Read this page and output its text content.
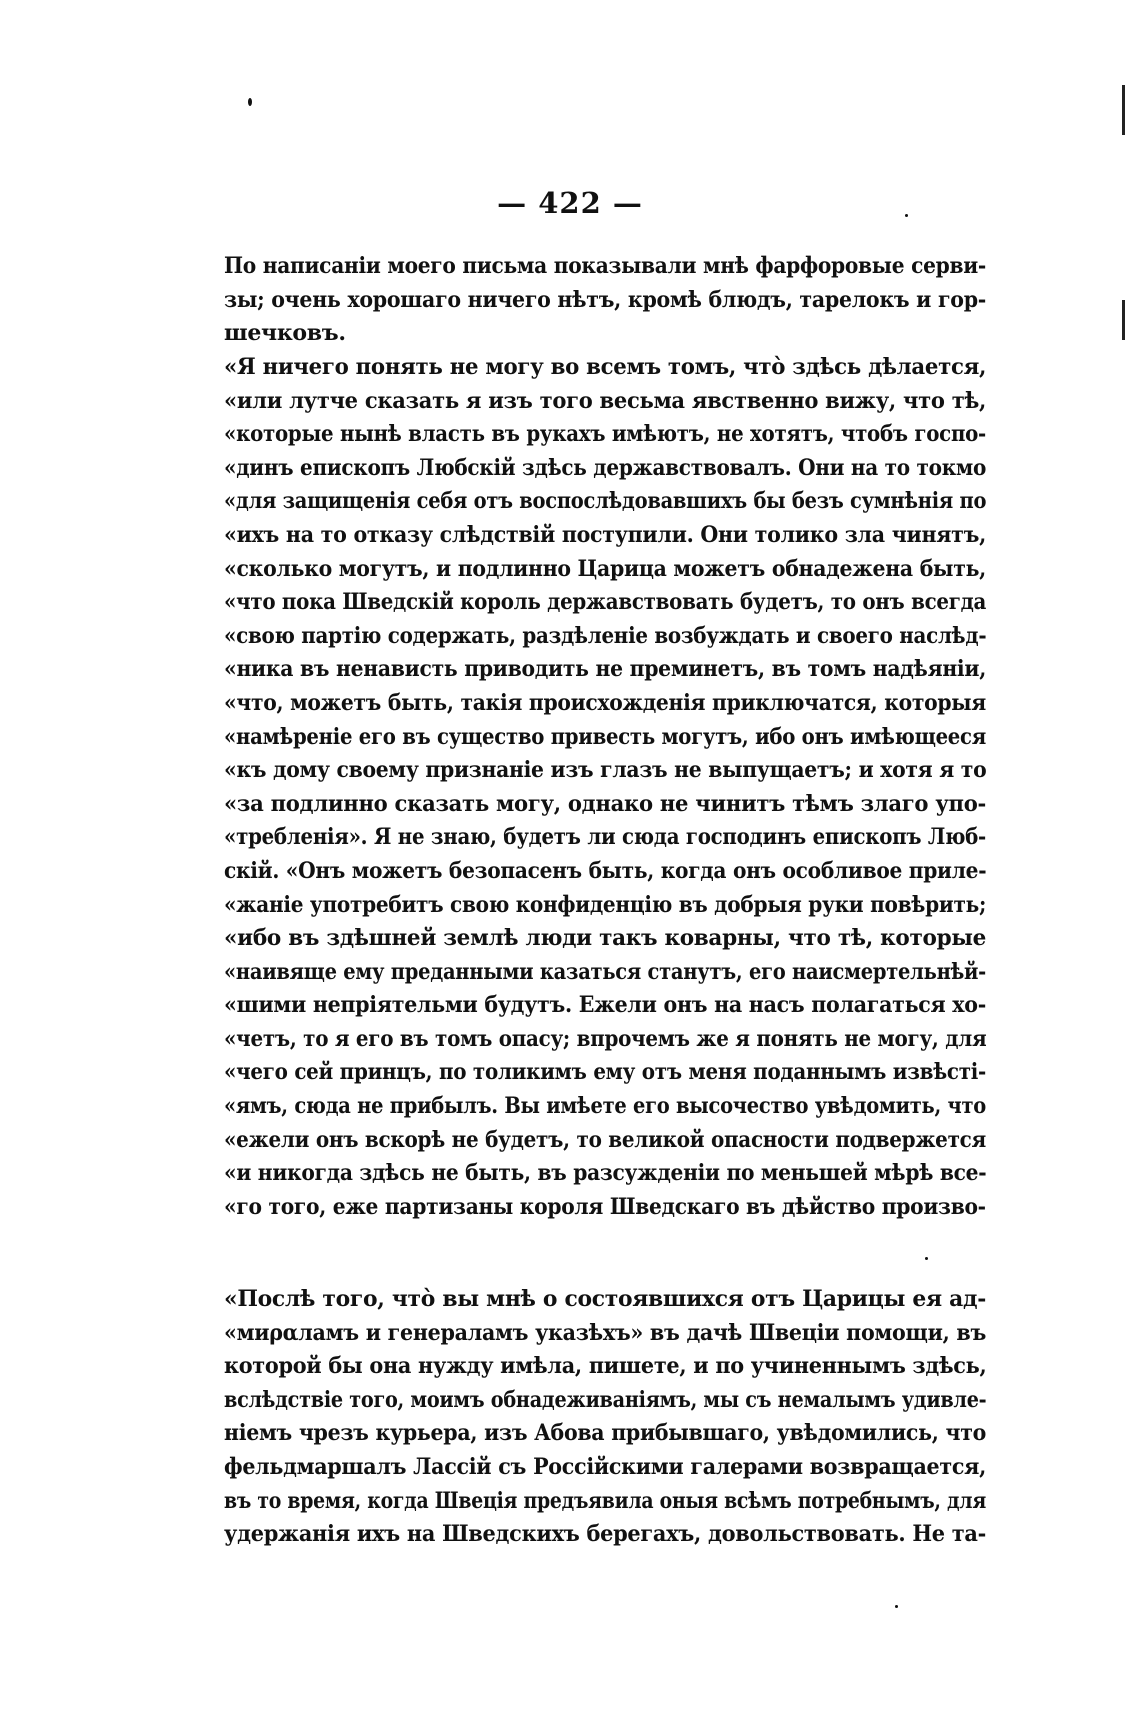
— 422 —
По написаніи моего письма показывали мнѣ фарфоровые серви- зы; очень хорошаго ничего нѣтъ, кромѣ блюдъ, тарелокъ и гор-
шечковъ.
«Я ничего понять не могу во всемъ томъ, что̀ здѣсь дѣлается, «или лутче сказать я изъ того весьма явственно вижу, что тѣ, «которые нынѣ власть въ рукахъ имѣютъ, не хотятъ, чтобъ госпо- «динъ епископъ Любскій здѣсь державствовалъ. Они на то токмо «для защищенія себя отъ воспослѣдовавшихъ бы безъ сумнѣнія по «ихъ на то отказу слѣдствій поступили. Они толико зла чинятъ, «сколько могутъ, и подлинно Царица можетъ обнадежена быть, «что пока Шведскій король державствовать будетъ, то онъ всегда «свою партію содержать, раздѣленіе возбуждать и своего наслѣд- «ника въ ненависть приводить не преминетъ, въ томъ надѣяніи, «что, можетъ быть, такія происхожденія приключатся, которыя «намѣреніе его въ существо привесть могутъ, ибо онъ имѣющееся «къ дому своему признаніе изъ глазъ не выпущаетъ; и хотя я то «за подлинно сказать могу, однако не чинитъ тѣмъ злаго упо- «требленія». Я не знаю, будетъ ли сюда господинъ епископъ Люб- скій. «Онъ можетъ безопасенъ быть, когда онъ особливое прилe- «жаніе употребитъ свою конфиденцію въ добрыя руки повѣрить; «ибо въ здѣшней землѣ люди такъ коварны, что тѣ, которые «наивяще ему преданными казаться станутъ, его наисмертельнѣй- «шими непріятельми будутъ. Ежели онъ на насъ полагаться хо- «четъ, то я его въ томъ опасу; впрочемъ же я понять не могу, для «чего сей принцъ, по толикимъ ему отъ меня поданнымъ извѣсті- «ямъ, сюда не прибылъ. Вы имѣете его высочество увѣдомить, что «ежели онъ вскорѣ не будетъ, то великой опасности подвержется «и никогда здѣсь не быть, въ разсужденіи по меньшей мѣрѣ все- «го того, еже партизаны короля Шведскаго въ дѣйство произво-
«Послѣ того, что̀ вы мнѣ о состоявшихся отъ Царицы ея ад- «миραламъ и генераламъ указѣхъ» въ дачѣ Швеціи помощи, въ которой бы она нужду имѣла, пишете, и по учиненнымъ здѣсь, вслѣдствіе того, моимъ обнадеживаніямъ, мы съ немалымъ удивле- ніемъ чрезъ курьера, изъ Абова прибывшаго, увѣдомились, что фельдмаршалъ Лассій съ Россійскими галерами возвращается, въ то время, когда Швеція предъявила оныя всѣмъ потребнымъ, для удержанія ихъ на Шведскихъ берегахъ, довольствовать. Не та-
